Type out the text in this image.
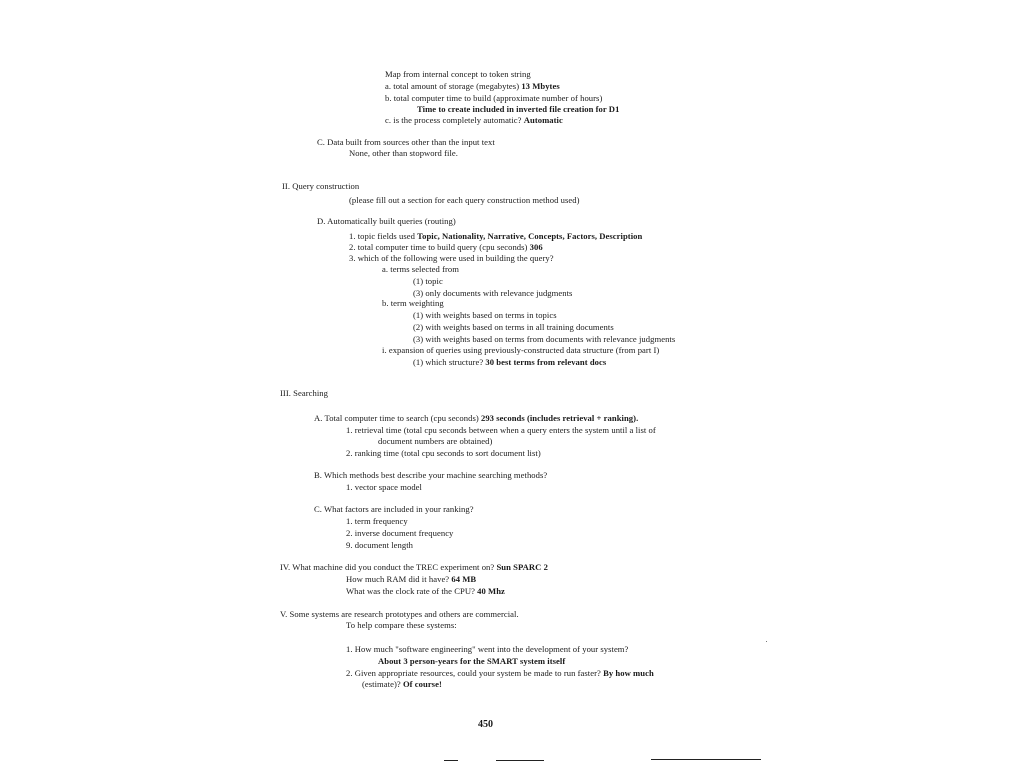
Map from internal concept to token string
a. total amount of storage (megabytes) 13 Mbytes
b. total computer time to build (approximate number of hours)
Time to create included in inverted file creation for D1
c. is the process completely automatic? Automatic
C. Data built from sources other than the input text
None, other than stopword file.
II. Query construction
(please fill out a section for each query construction method used)
D. Automatically built queries (routing)
1. topic fields used Topic, Nationality, Narrative, Concepts, Factors, Description
2. total computer time to build query (cpu seconds) 306
3. which of the following were used in building the query?
a. terms selected from
(1) topic
(3) only documents with relevance judgments
b. term weighting
(1) with weights based on terms in topics
(2) with weights based on terms in all training documents
(3) with weights based on terms from documents with relevance judgments
i. expansion of queries using previously-constructed data structure (from part I)
(1) which structure? 30 best terms from relevant docs
III. Searching
A. Total computer time to search (cpu seconds) 293 seconds (includes retrieval + ranking).
1. retrieval time (total cpu seconds between when a query enters the system until a list of
document numbers are obtained)
2. ranking time (total cpu seconds to sort document list)
B. Which methods best describe your machine searching methods?
1. vector space model
C. What factors are included in your ranking?
1. term frequency
2. inverse document frequency
9. document length
IV. What machine did you conduct the TREC experiment on? Sun SPARC 2
How much RAM did it have? 64 MB
What was the clock rate of the CPU? 40 Mhz
V. Some systems are research prototypes and others are commercial.
To help compare these systems:
1. How much "software engineering" went into the development of your system?
About 3 person-years for the SMART system itself
2. Given appropriate resources, could your system be made to run faster? By how much
(estimate)? Of course!
450
